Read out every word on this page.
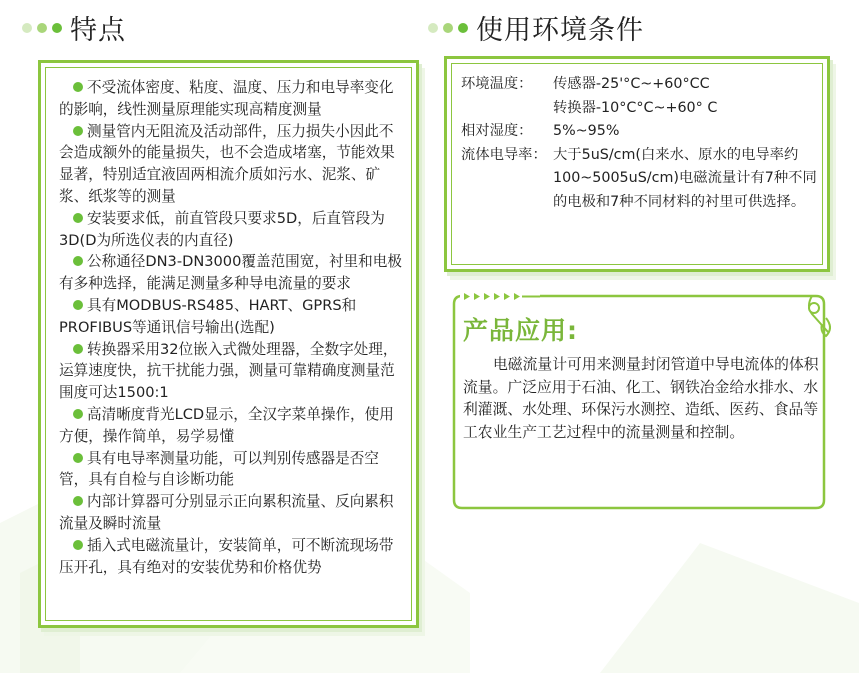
特点	使用环境条件
不受流体密度、粘度、温度、压力和电导率变化的影响，线性测量原理能实现高精度测量
测量管内无阻流及活动部件，压力损失小因此不会造成额外的能量损失，也不会造成堵塞，节能效果显著，特别适宜液固两相流介质如污水、泥浆、矿浆、纸浆等的测量
安装要求低，前直管段只要求5D，后直管段为3D(D为所选仪表的内直径)
公称通径DN3-DN3000覆盖范围宽，衬里和电极有多种选择，能满足测量多种导电流量的要求
具有MODBUS-RS485、HART、GPRS和PROFIBUS等通讯信号输出(选配)
转换器采用32位嵌入式微处理器，全数字处理，运算速度快，抗干扰能力强，测量可靠精确度测量范围度可达1500:1
高清晰度背光LCD显示，全汉字菜单操作，使用方便，操作简单，易学易懂
具有电导率测量功能，可以判别传感器是否空管，具有自检与自诊断功能
内部计算器可分别显示正向累积流量、反向累积流量及瞬时流量
插入式电磁流量计，安装简单，可不断流现场带压开孔，具有绝对的安装优势和价格优势
环境温度：	传感器-25'°C~+60°CC
	转换器-10°C°C~+60° C
相对湿度：	5%~95%
流体电导率：	大于5uS/cm(白来水、原水的电导率约100~5005uS/cm)电磁流量计有7种不同的电极和7种不同材料的衬里可供选择。
产品应用:
电磁流量计可用来测量封闭管道中导电流体的体积流量。广泛应用于石油、化工、钢铁冶金给水排水、水利灌溉、水处理、环保污水测控、造纸、医药、食品等工农业生产工艺过程中的流量测量和控制。
